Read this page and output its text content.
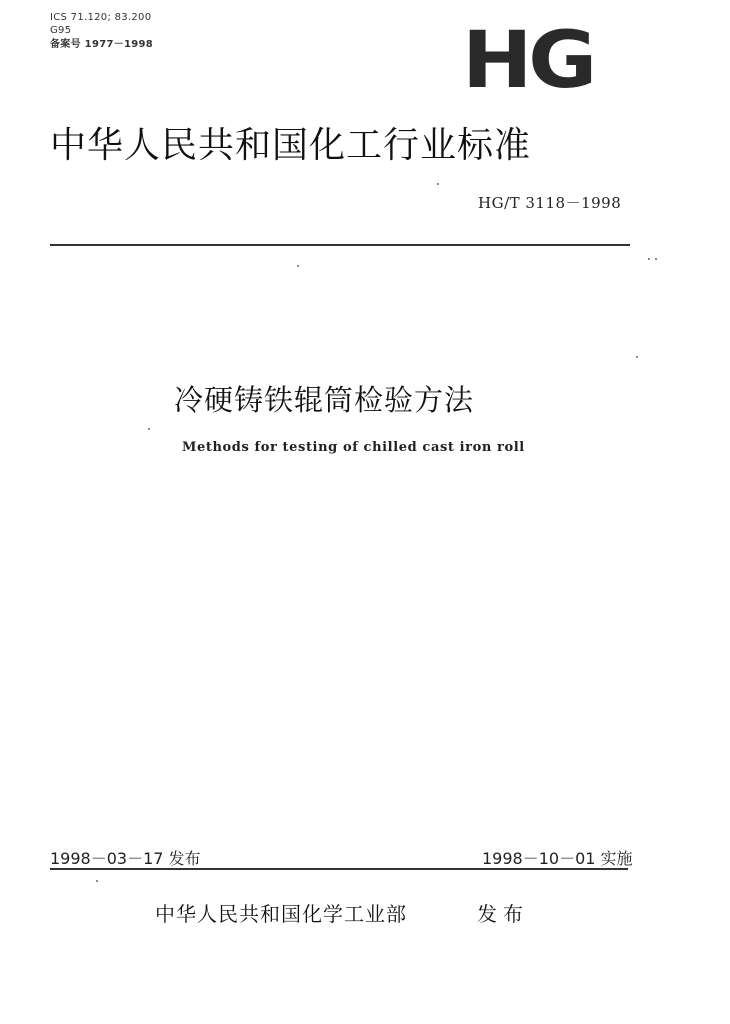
ICS 71.120; 83.200
G95
备案号 1977－1998	HG
中华人民共和国化工行业标准
HG/T 3118－1998
冷硬铸铁辊筒检验方法
Methods for testing of chilled cast iron roll
1998－03－17 发布	1998－10－01 实施
中华人民共和国化学工业部	发布
